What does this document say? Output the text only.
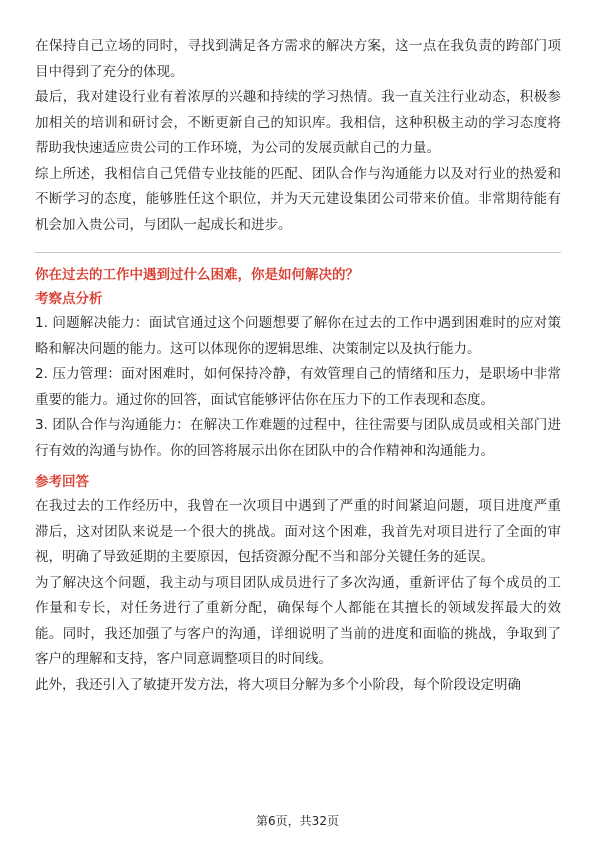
在保持自己立场的同时，寻找到满足各方需求的解决方案，这一点在我负责的跨部门项目中得到了充分的体现。

最后，我对建设行业有着浓厚的兴趣和持续的学习热情。我一直关注行业动态，积极参加相关的培训和研讨会，不断更新自己的知识库。我相信，这种积极主动的学习态度将帮助我快速适应贵公司的工作环境，为公司的发展贡献自己的力量。

综上所述，我相信自己凭借专业技能的匹配、团队合作与沟通能力以及对行业的热爱和不断学习的态度，能够胜任这个职位，并为天元建设集团公司带来价值。非常期待能有机会加入贵公司，与团队一起成长和进步。

你在过去的工作中遇到过什么困难，你是如何解决的？

考察点分析

1. 问题解决能力：面试官通过这个问题想要了解你在过去的工作中遇到困难时的应对策略和解决问题的能力。这可以体现你的逻辑思维、决策制定以及执行能力。

2. 压力管理：面对困难时，如何保持冷静，有效管理自己的情绪和压力，是职场中非常重要的能力。通过你的回答，面试官能够评估你在压力下的工作表现和态度。

3. 团队合作与沟通能力：在解决工作难题的过程中，往往需要与团队成员或相关部门进行有效的沟通与协作。你的回答将展示出你在团队中的合作精神和沟通能力。

参考回答

在我过去的工作经历中，我曾在一次项目中遇到了严重的时间紧迫问题，项目进度严重滞后，这对团队来说是一个很大的挑战。面对这个困难，我首先对项目进行了全面的审视，明确了导致延期的主要原因，包括资源分配不当和部分关键任务的延误。

为了解决这个问题，我主动与项目团队成员进行了多次沟通，重新评估了每个成员的工作量和专长，对任务进行了重新分配，确保每个人都能在其擅长的领域发挥最大的效能。同时，我还加强了与客户的沟通，详细说明了当前的进度和面临的挑战，争取到了客户的理解和支持，客户同意调整项目的时间线。

此外，我还引入了敏捷开发方法，将大项目分解为多个小阶段，每个阶段设定明确

第6页，共32页
